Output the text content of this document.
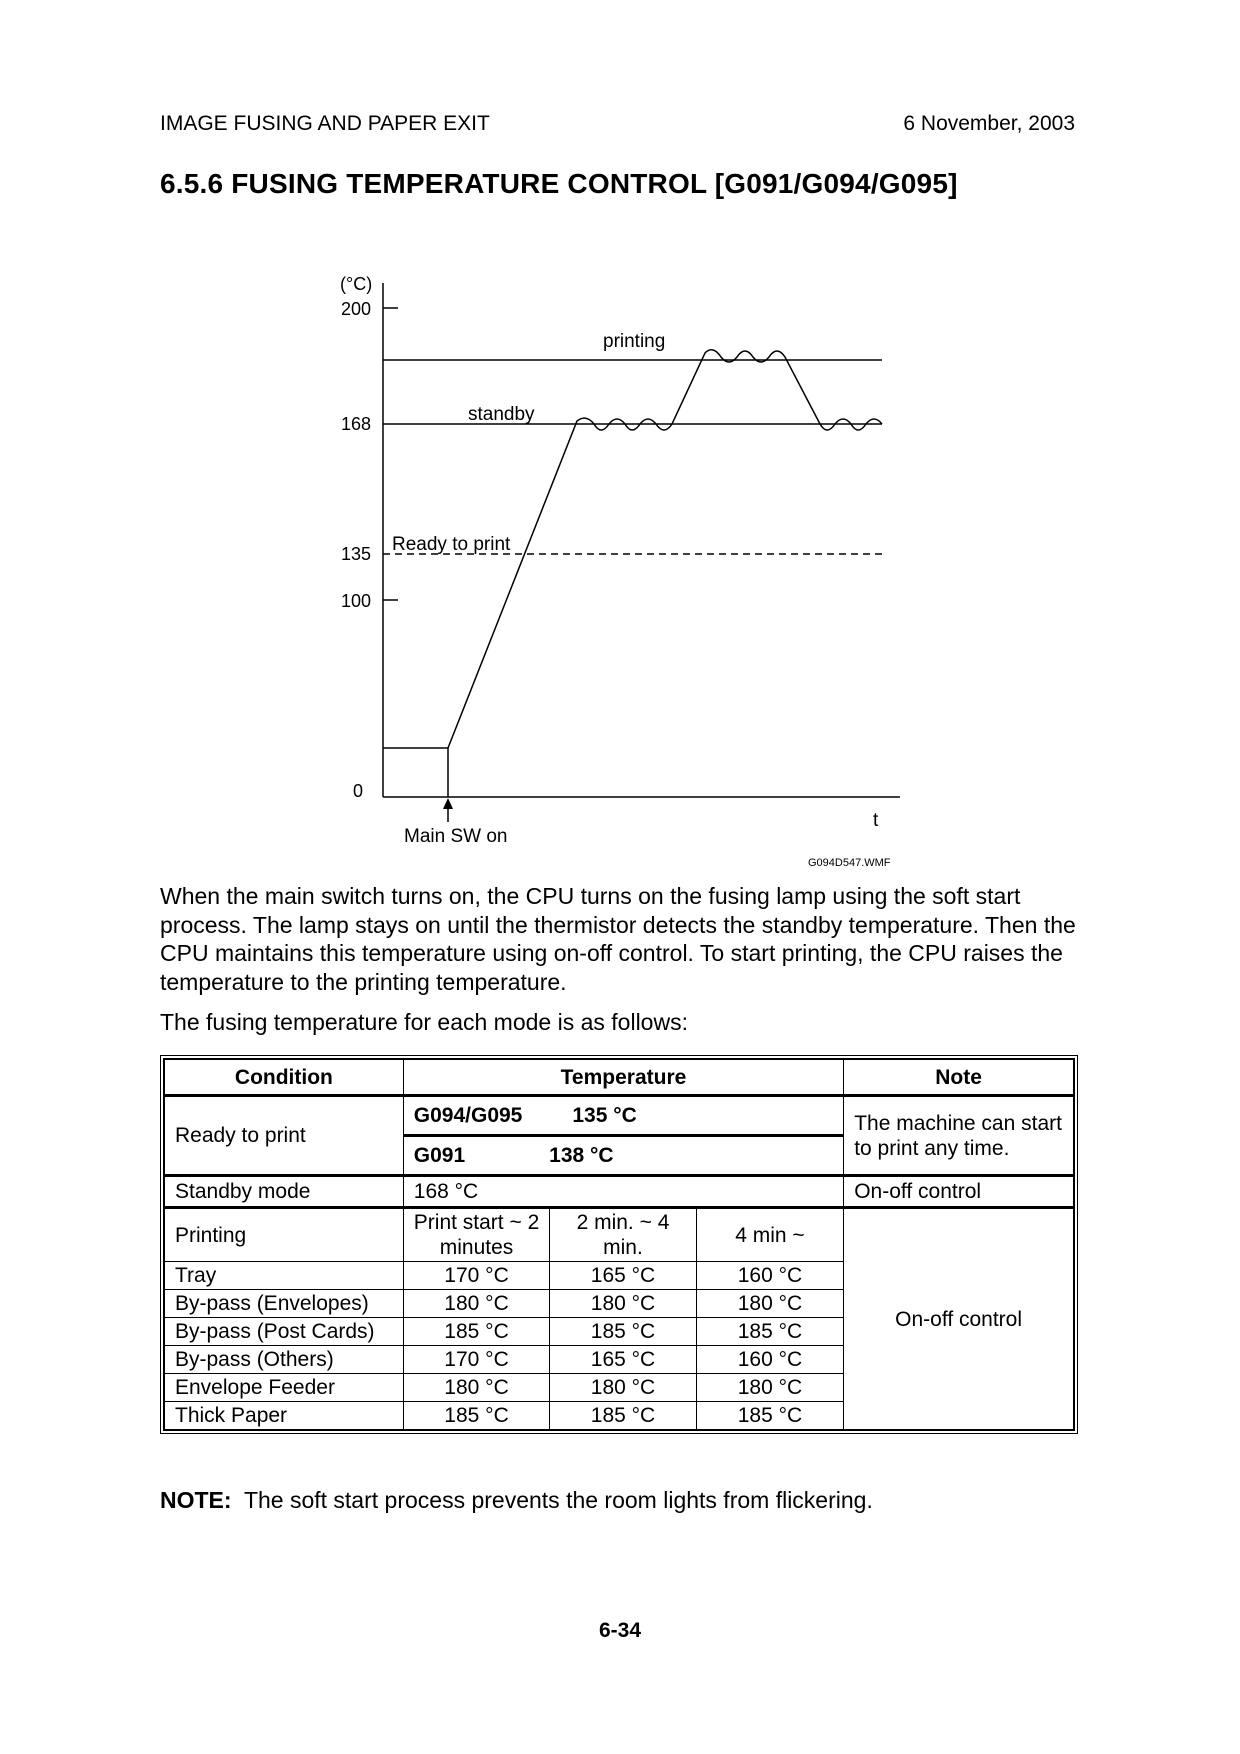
IMAGE FUSING AND PAPER EXIT	6 November, 2003
6.5.6 FUSING TEMPERATURE CONTROL [G091/G094/G095]
(°C)
200
168
135
100
0
printing
standby
Ready to print
Main SW on
t
G094D547.WMF
When the main switch turns on, the CPU turns on the fusing lamp using the soft start process. The lamp stays on until the thermistor detects the standby temperature. Then the CPU maintains this temperature using on-off control. To start printing, the CPU raises the temperature to the printing temperature.
The fusing temperature for each mode is as follows:
Condition	Temperature			Note
Ready to print	G094/G095 135 °C			The machine can start to print any time.
	G091 138 °C			
Standby mode	168 °C			On-off control
Printing	Print start ~ 2 minutes	2 min. ~ 4 min.	4 min ~	On-off control
Tray	170 °C	165 °C	160 °C	
By-pass (Envelopes)	180 °C	180 °C	180 °C	
By-pass (Post Cards)	185 °C	185 °C	185 °C	
By-pass (Others)	170 °C	165 °C	160 °C	
Envelope Feeder	180 °C	180 °C	180 °C	
Thick Paper	185 °C	185 °C	185 °C	
NOTE: The soft start process prevents the room lights from flickering.
6-34
